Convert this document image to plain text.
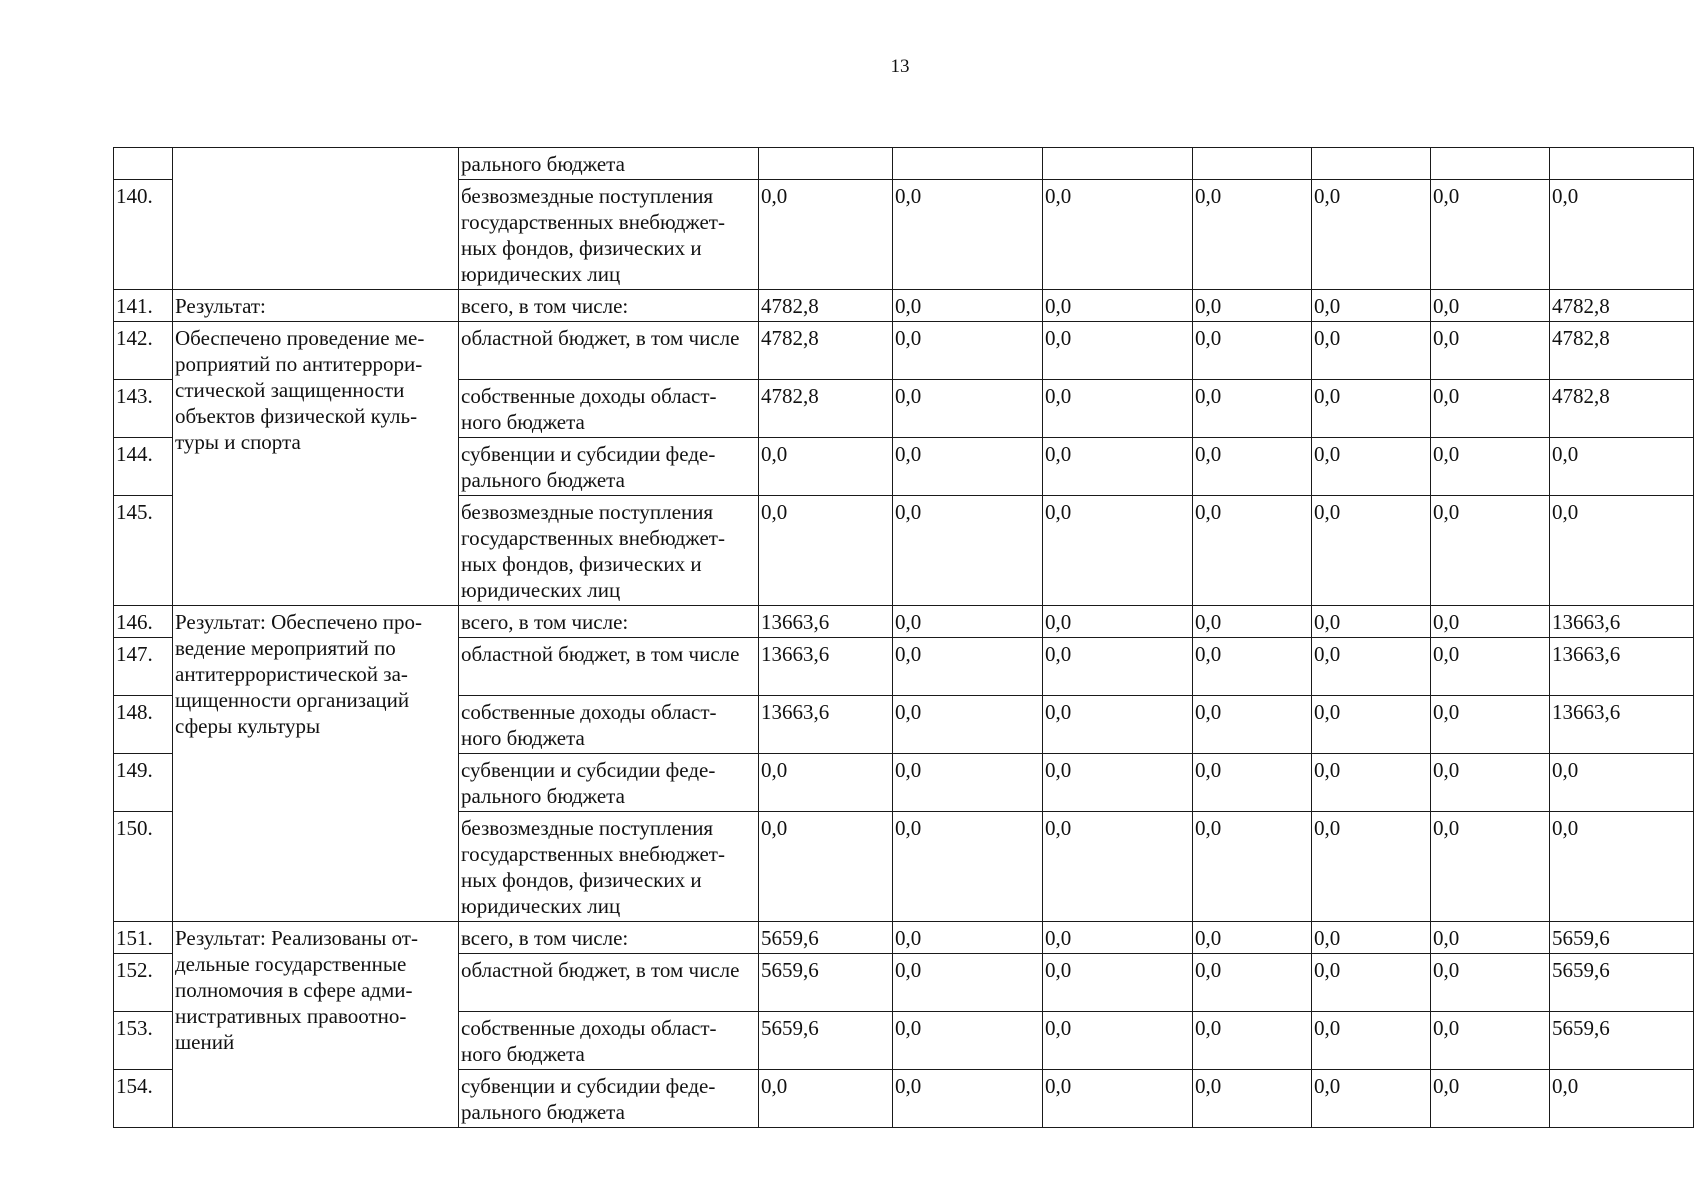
13
		рального бюджета							
140.		безвозмездные поступления государственных внебюджет-ных фондов, физических и юридических лиц	0,0	0,0	0,0	0,0	0,0	0,0	0,0
141.	Результат:	всего, в том числе:	4782,8	0,0	0,0	0,0	0,0	0,0	4782,8
142.	Обеспечено проведение ме-роприятий по антитеррори-стической защищенности объектов физической куль-туры и спорта	областной бюджет, в том числе	4782,8	0,0	0,0	0,0	0,0	0,0	4782,8
143.		собственные доходы област-ного бюджета	4782,8	0,0	0,0	0,0	0,0	0,0	4782,8
144.		субвенции и субсидии феде-рального бюджета	0,0	0,0	0,0	0,0	0,0	0,0	0,0
145.		безвозмездные поступления государственных внебюджет-ных фондов, физических и юридических лиц	0,0	0,0	0,0	0,0	0,0	0,0	0,0
146.	Результат: Обеспечено про-ведение мероприятий по антитеррористической за-щищенности организаций сферы культуры	всего, в том числе:	13663,6	0,0	0,0	0,0	0,0	0,0	13663,6
147.		областной бюджет, в том числе	13663,6	0,0	0,0	0,0	0,0	0,0	13663,6
148.		собственные доходы област-ного бюджета	13663,6	0,0	0,0	0,0	0,0	0,0	13663,6
149.		субвенции и субсидии феде-рального бюджета	0,0	0,0	0,0	0,0	0,0	0,0	0,0
150.		безвозмездные поступления государственных внебюджет-ных фондов, физических и юридических лиц	0,0	0,0	0,0	0,0	0,0	0,0	0,0
151.	Результат: Реализованы от-дельные государственные полномочия в сфере адми-нистративных правоотно-шений	всего, в том числе:	5659,6	0,0	0,0	0,0	0,0	0,0	5659,6
152.		областной бюджет, в том числе	5659,6	0,0	0,0	0,0	0,0	0,0	5659,6
153.		собственные доходы област-ного бюджета	5659,6	0,0	0,0	0,0	0,0	0,0	5659,6
154.		субвенции и субсидии феде-рального бюджета	0,0	0,0	0,0	0,0	0,0	0,0	0,0
